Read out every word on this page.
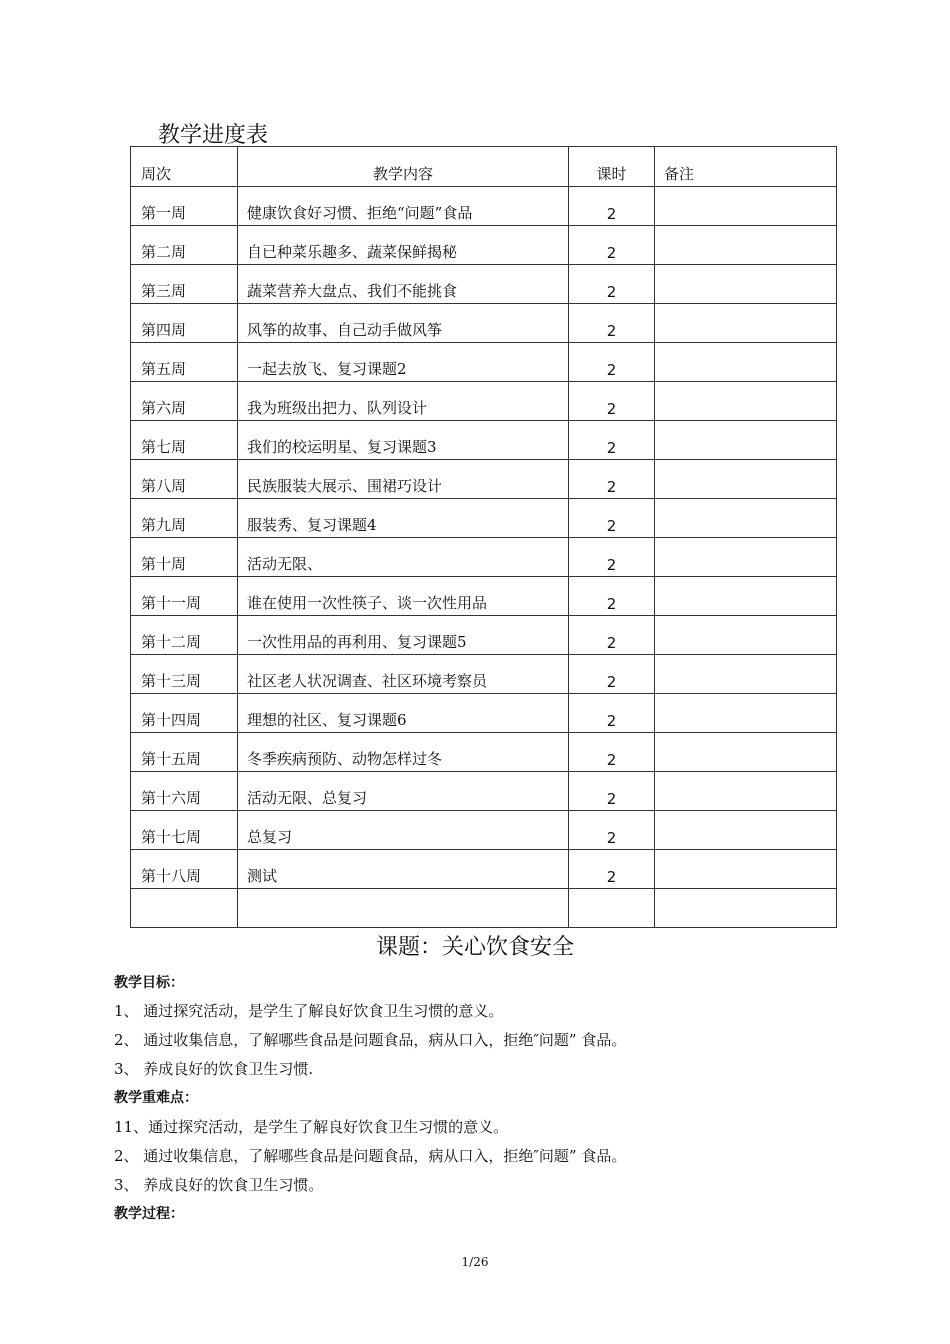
教学进度表
周次	教学内容	课时	备注

第一周	健康饮食好习惯、拒绝“问题”食品	2	

第二周	自已种菜乐趣多、蔬菜保鲜揭秘	2	

第三周	蔬菜营养大盘点、我们不能挑食	2	

第四周	风筝的故事、自己动手做风筝	2	

第五周	一起去放飞、复习课题2	2	

第六周	我为班级出把力、队列设计	2	

第七周	我们的校运明星、复习课题3	2	

第八周	民族服装大展示、围裙巧设计	2	

第九周	服装秀、复习课题4	2	

第十周	活动无限、	2	

第十一周	谁在使用一次性筷子、谈一次性用品	2	

第十二周	一次性用品的再利用、复习课题5	2	

第十三周	社区老人状况调查、社区环境考察员	2	

第十四周	理想的社区、复习课题6	2	

第十五周	冬季疾病预防、动物怎样过冬	2	

第十六周	活动无限、总复习	2	

第十七周	总复习	2	

第十八周	测试	2	

课题：关心饮食安全
教学目标：
1、 通过探究活动，是学生了解良好饮食卫生习惯的意义。
2、 通过收集信息，了解哪些食品是问题食品，病从口入，拒绝″问题” 食品。
3、 养成良好的饮食卫生习惯.
教学重难点：
11、通过探究活动，是学生了解良好饮食卫生习惯的意义。
2、 通过收集信息，了解哪些食品是问题食品，病从口入，拒绝″问题” 食品。
3、 养成良好的饮食卫生习惯。
教学过程：
1/26
